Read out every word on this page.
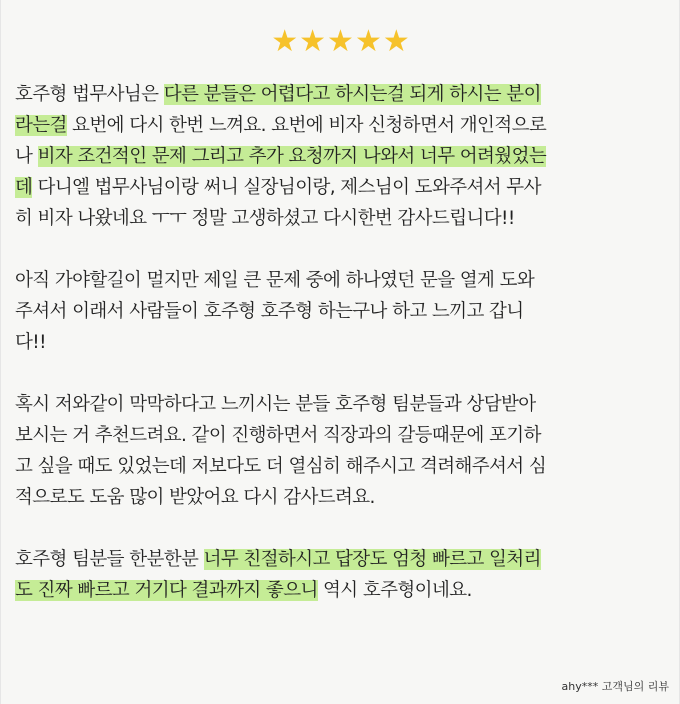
★★★★★
호주형 법무사님은 다른 분들은 어렵다고 하시는걸 되게 하시는 분이
라는걸 요번에 다시 한번 느껴요. 요번에 비자 신청하면서 개인적으로
나 비자 조건적인 문제 그리고 추가 요청까지 나와서 너무 어려웠었는
데 다니엘 법무사님이랑 써니 실장님이랑, 제스님이 도와주셔서 무사
히 비자 나왔네요 ㅜㅜ 정말 고생하셨고 다시한번 감사드립니다!!
아직 가야할길이 멀지만 제일 큰 문제 중에 하나였던 문을 열게 도와
주셔서 이래서 사람들이 호주형 호주형 하는구나 하고 느끼고 갑니
다!!
혹시 저와같이 막막하다고 느끼시는 분들 호주형 팀분들과 상담받아
보시는 거 추천드려요. 같이 진행하면서 직장과의 갈등때문에 포기하
고 싶을 때도 있었는데 저보다도 더 열심히 해주시고 격려해주셔서 심
적으로도 도움 많이 받았어요 다시 감사드려요.
호주형 팀분들 한분한분 너무 친절하시고 답장도 엄청 빠르고 일처리
도 진짜 빠르고 거기다 결과까지 좋으니 역시 호주형이네요.
ahy*** 고객님의 리뷰
